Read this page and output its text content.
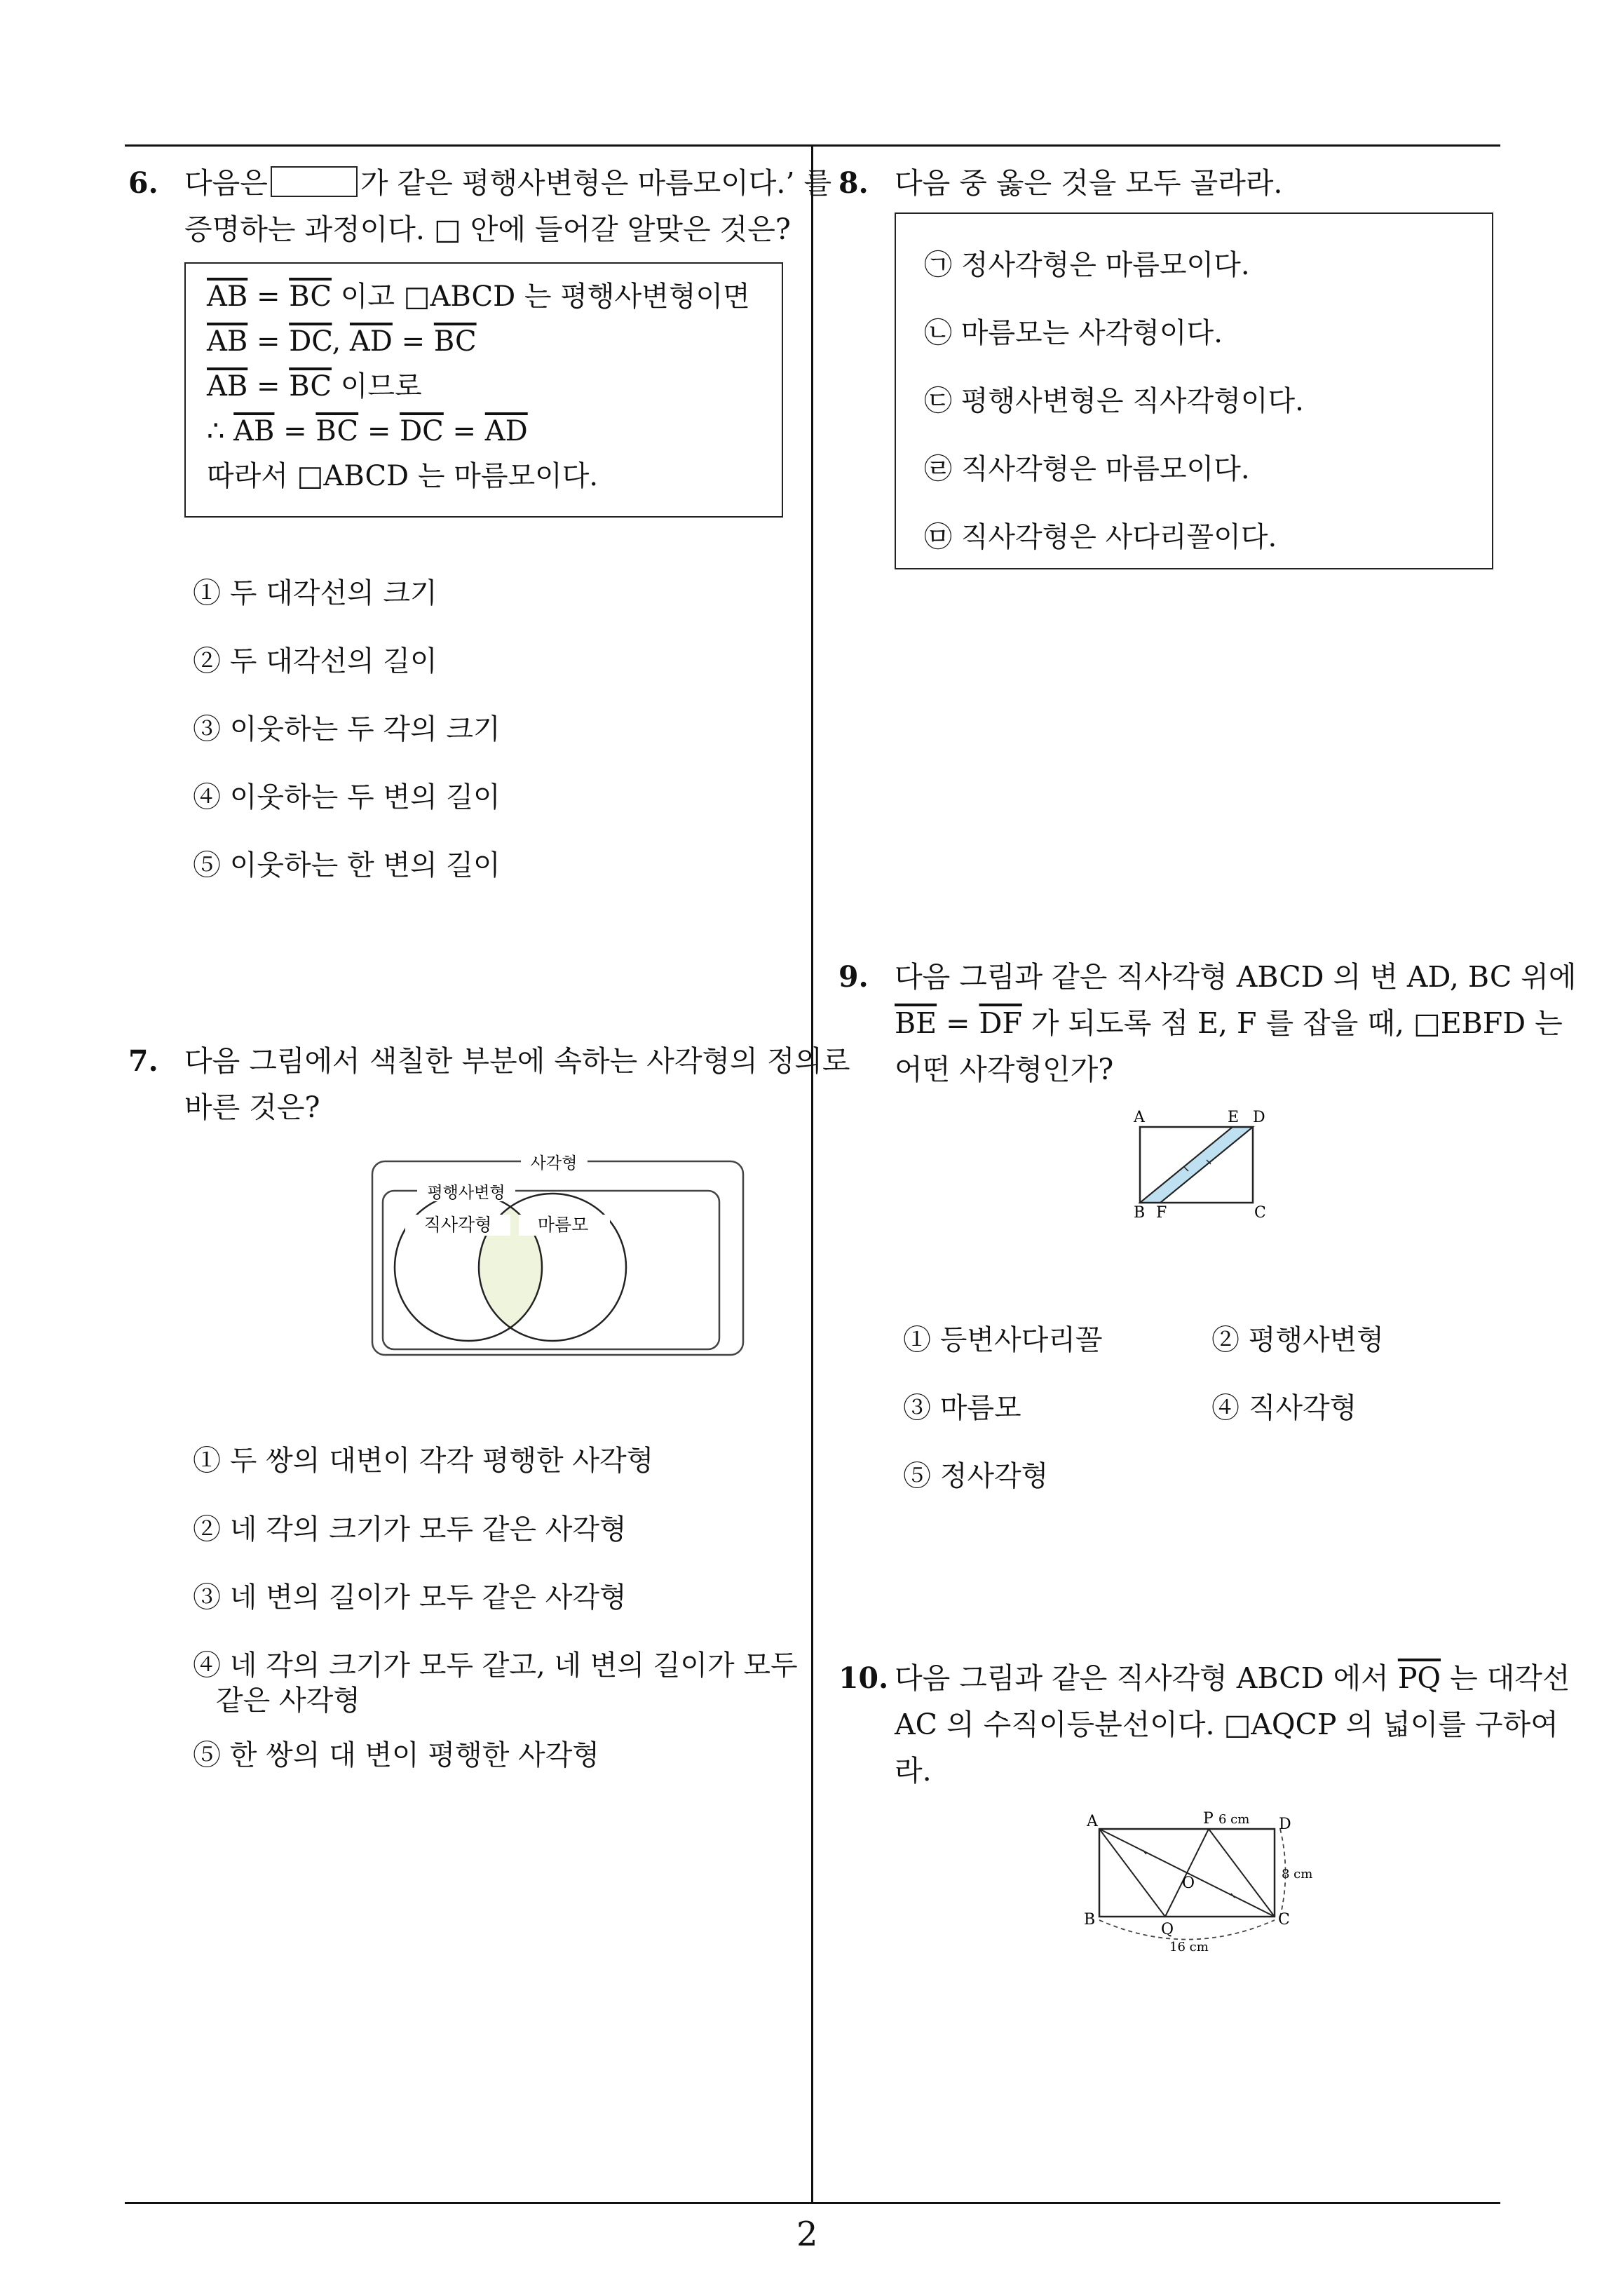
6. 다음은	가 같은 평행사변형은 마름모이다.’ 를
증명하는 과정이다. □ 안에 들어갈 알맞은 것은?
$\overline{AB} = \overline{BC}$ 이고 □ABCD 는 평행사변형이면
$\overline{AB} = \overline{DC}$, $\overline{AD} = \overline{BC}$
$\overline{AB} = \overline{BC}$ 이므로
∴ $\overline{AB} = \overline{BC} = \overline{DC} = \overline{AD}$
따라서 □ABCD 는 마름모이다.
① 두 대각선의 크기
② 두 대각선의 길이
③ 이웃하는 두 각의 크기
④ 이웃하는 두 변의 길이
⑤ 이웃하는 한 변의 길이
7. 다음 그림에서 색칠한 부분에 속하는 사각형의 정의로
바른 것은?
사각형
평행사변형
직사각형	마름모
① 두 쌍의 대변이 각각 평행한 사각형
② 네 각의 크기가 모두 같은 사각형
③ 네 변의 길이가 모두 같은 사각형
④ 네 각의 크기가 모두 같고, 네 변의 길이가 모두
같은 사각형
⑤ 한 쌍의 대 변이 평행한 사각형
8. 다음 중 옳은 것을 모두 골라라.
㉠ 정사각형은 마름모이다.
㉡ 마름모는 사각형이다.
㉢ 평행사변형은 직사각형이다.
㉣ 직사각형은 마름모이다.
㉤ 직사각형은 사다리꼴이다.
9. 다음 그림과 같은 직사각형 ABCD 의 변 AD, BC 위에
$\overline{BE} = \overline{DF}$ 가 되도록 점 E, F 를 잡을 때, □EBFD 는
어떤 사각형인가?
A	E D
B F	C
① 등변사다리꼴	② 평행사변형
③ 마름모	④ 직사각형
⑤ 정사각형
10. 다음 그림과 같은 직사각형 ABCD 에서 $\overline{PQ}$ 는 대각선
AC 의 수직이등분선이다. □AQCP 의 넓이를 구하여
라.
A	P 6 cm D
8 cm
O
B
Q
C
16 cm
2
